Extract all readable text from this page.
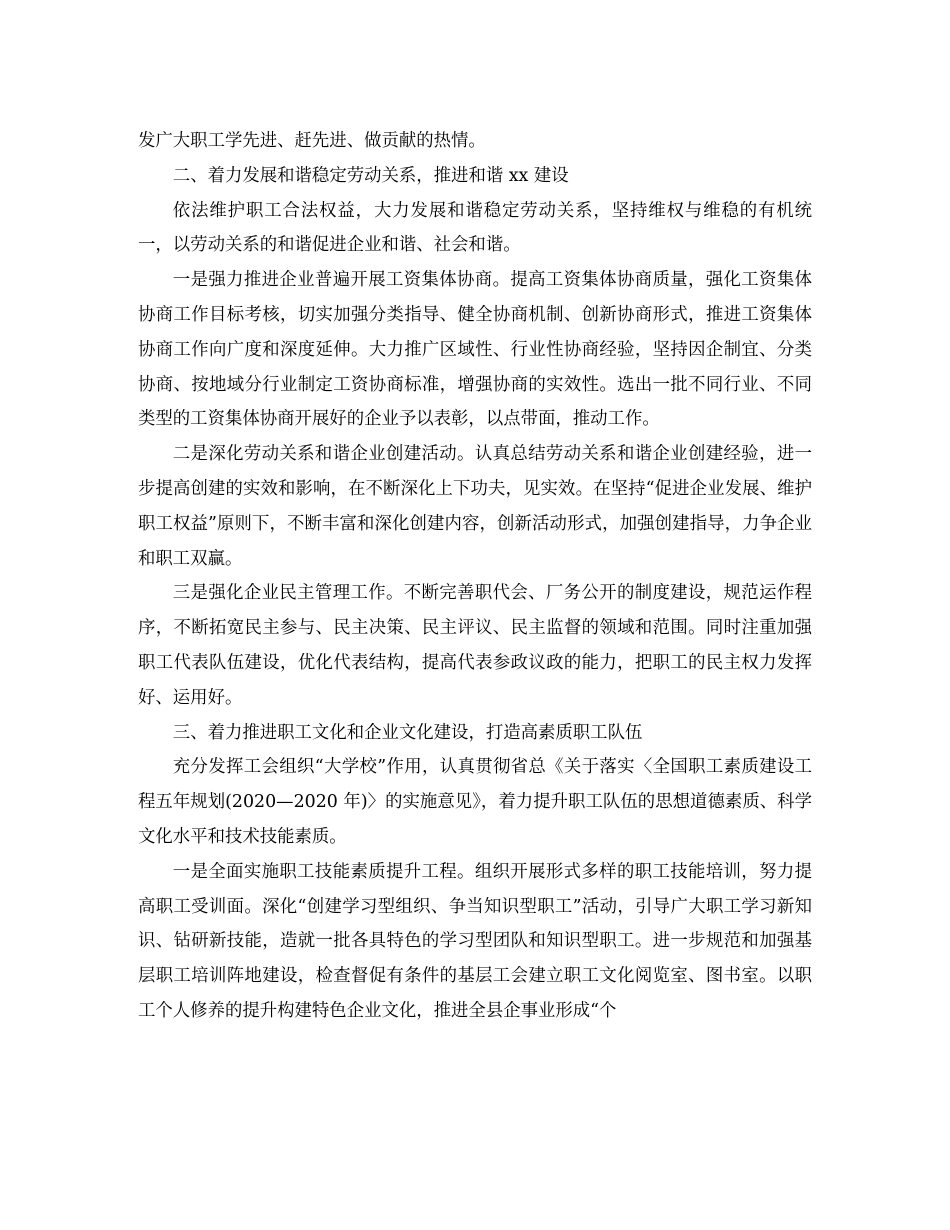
发广大职工学先进、赶先进、做贡献的热情。

二、着力发展和谐稳定劳动关系，推进和谐 xx 建设

依法维护职工合法权益，大力发展和谐稳定劳动关系，坚持维权与维稳的有机统一，以劳动关系的和谐促进企业和谐、社会和谐。

一是强力推进企业普遍开展工资集体协商。提高工资集体协商质量，强化工资集体协商工作目标考核，切实加强分类指导、健全协商机制、创新协商形式，推进工资集体协商工作向广度和深度延伸。大力推广区域性、行业性协商经验，坚持因企制宜、分类协商、按地域分行业制定工资协商标准，增强协商的实效性。选出一批不同行业、不同类型的工资集体协商开展好的企业予以表彰，以点带面，推动工作。

二是深化劳动关系和谐企业创建活动。认真总结劳动关系和谐企业创建经验，进一步提高创建的实效和影响，在不断深化上下功夫，见实效。在坚持“促进企业发展、维护职工权益”原则下，不断丰富和深化创建内容，创新活动形式，加强创建指导，力争企业和职工双赢。

三是强化企业民主管理工作。不断完善职代会、厂务公开的制度建设，规范运作程序，不断拓宽民主参与、民主决策、民主评议、民主监督的领域和范围。同时注重加强职工代表队伍建设，优化代表结构，提高代表参政议政的能力，把职工的民主权力发挥好、运用好。

三、着力推进职工文化和企业文化建设，打造高素质职工队伍

充分发挥工会组织“大学校”作用，认真贯彻省总《关于落实〈全国职工素质建设工程五年规划(2020—2020 年)〉的实施意见》，着力提升职工队伍的思想道德素质、科学文化水平和技术技能素质。

一是全面实施职工技能素质提升工程。组织开展形式多样的职工技能培训，努力提高职工受训面。深化“创建学习型组织、争当知识型职工”活动，引导广大职工学习新知识、钻研新技能，造就一批各具特色的学习型团队和知识型职工。进一步规范和加强基层职工培训阵地建设，检查督促有条件的基层工会建立职工文化阅览室、图书室。以职工个人修养的提升构建特色企业文化，推进全县企事业形成“个
